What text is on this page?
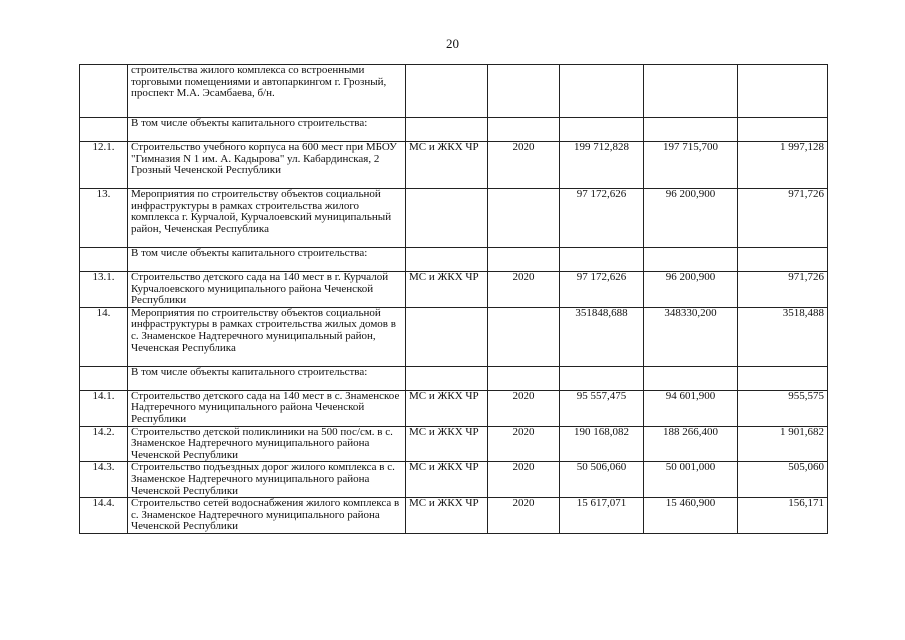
20
	строительства жилого комплекса со встроенными торговыми помещениями и автопаркингом г. Грозный, проспект М.А. Эсамбаева, б/н.					
	В том числе объекты капитального строительства:					
12.1.	Строительство учебного корпуса на 600 мест при МБОУ "Гимназия N 1 им. А. Кадырова" ул. Кабардинская, 2 Грозный Чеченской Республики	МС и ЖКХ ЧР	2020	199 712,828	197 715,700	1 997,128
13.	Мероприятия по строительству объектов социальной инфраструктуры в рамках строительства жилого комплекса г. Курчалой, Курчалоевский муниципальный район, Чеченская Республика			97 172,626	96 200,900	971,726
	В том числе объекты капитального строительства:					
13.1.	Строительство детского сада на 140 мест в г. Курчалой Курчалоевского муниципального района Чеченской Республики	МС и ЖКХ ЧР	2020	97 172,626	96 200,900	971,726
14.	Мероприятия по строительству объектов социальной инфраструктуры в рамках строительства жилых домов в с. Знаменское Надтеречного муниципальный район, Чеченская Республика			351848,688	348330,200	3518,488
	В том числе объекты капитального строительства:					
14.1.	Строительство детского сада на 140 мест в с. Знаменское Надтеречного муниципального района Чеченской Республики	МС и ЖКХ ЧР	2020	95 557,475	94 601,900	955,575
14.2.	Строительство детской поликлиники на 500 пос/см. в с. Знаменское Надтеречного муниципального района Чеченской Республики	МС и ЖКХ ЧР	2020	190 168,082	188 266,400	1 901,682
14.3.	Строительство подъездных дорог жилого комплекса в с. Знаменское Надтеречного муниципального района Чеченской Республики	МС и ЖКХ ЧР	2020	50 506,060	50 001,000	505,060
14.4.	Строительство сетей водоснабжения жилого комплекса в с. Знаменское Надтеречного муниципального района Чеченской Республики	МС и ЖКХ ЧР	2020	15 617,071	15 460,900	156,171
